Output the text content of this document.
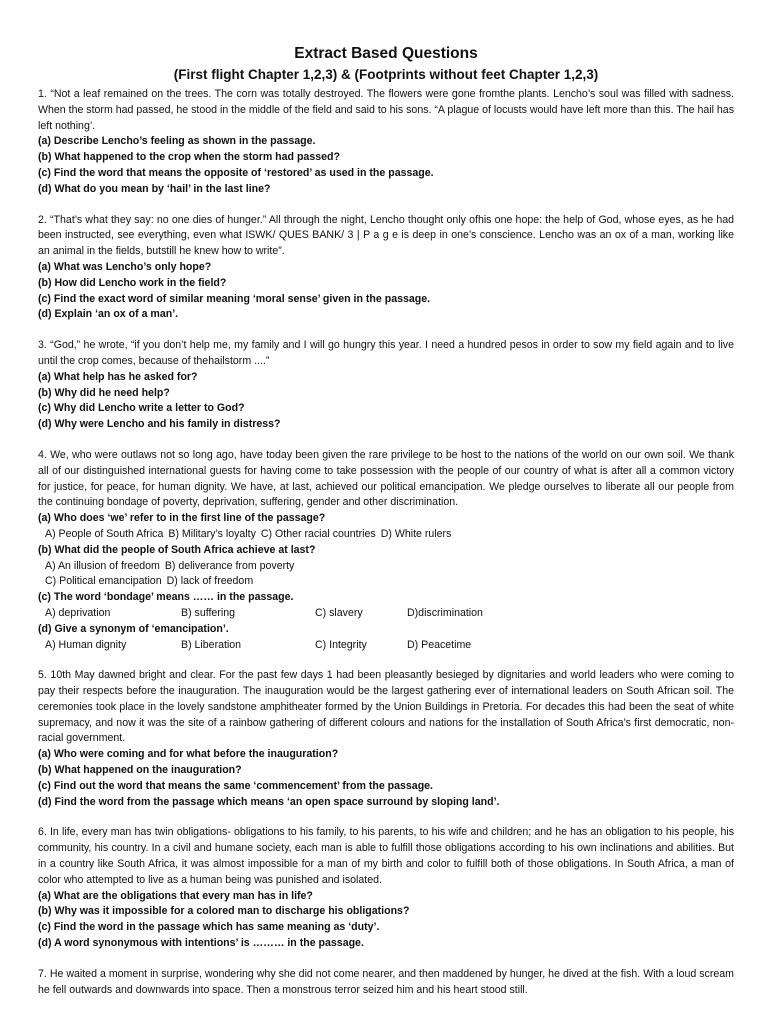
Extract Based Questions
(First flight Chapter 1,2,3) & (Footprints without feet Chapter 1,2,3)

1. “Not a leaf remained on the trees. The corn was totally destroyed. The flowers were gone fromthe plants. Lencho’s soul was filled with sadness. When the storm had passed, he stood in the middle of the field and said to his sons. “A plague of locusts would have left more than this. The hail has left nothing’.

(a) Describe Lencho’s feeling as shown in the passage.

(b) What happened to the crop when the storm had passed?

(c) Find the word that means the opposite of ‘restored’ as used in the passage.

(d) What do you mean by ‘hail’ in the last line?

2. “That’s what they say: no one dies of hunger.” All through the night, Lencho thought only ofhis one hope: the help of God, whose eyes, as he had been instructed, see everything, even what ISWK/ QUES BANK/ 3 | P a g e is deep in one’s conscience. Lencho was an ox of a man, working like an animal in the fields, butstill he knew how to write”.

(a) What was Lencho’s only hope?

(b) How did Lencho work in the field?

(c) Find the exact word of similar meaning ‘moral sense’ given in the passage.

(d) Explain ‘an ox of a man’.

3. “God,” he wrote, “if you don’t help me, my family and I will go hungry this year. I need a hundred pesos in order to sow my field again and to live until the crop comes, because of thehailstorm ....”

(a) What help has he asked for?

(b) Why did he need help?

(c) Why did Lencho write a letter to God?

(d) Why were Lencho and his family in distress?

4. We, who were outlaws not so long ago, have today been given the rare privilege to be host to the nations of the world on our own soil. We thank all of our distinguished international guests for having come to take possession with the people of our country of what is after all a common victory for justice, for peace, for human dignity. We have, at last, achieved our political emancipation. We pledge ourselves to liberate all our people from the continuing bondage of poverty, deprivation, suffering, gender and other discrimination.

(a) Who does ‘we’ refer to in the first line of the passage?

A) People of South Africa B) Military’s loyalty C) Other racial countries D) White rulers

(b) What did the people of South Africa achieve at last?

A) An illusion of freedom B) deliverance from poverty
C) Political emancipation D) lack of freedom

(c) The word ‘bondage’ means …… in the passage.

A) deprivation	B) suffering	C) slavery	D)discrimination

(d) Give a synonym of ‘emancipation’.

A) Human dignity	B) Liberation	C) Integrity	D) Peacetime

5. 10th May dawned bright and clear. For the past few days 1 had been pleasantly besieged by dignitaries and world leaders who were coming to pay their respects before the inauguration. The inauguration would be the largest gathering ever of international leaders on South African soil. The ceremonies took place in the lovely sandstone amphitheater formed by the Union Buildings in Pretoria. For decades this had been the seat of white supremacy, and now it was the site of a rainbow gathering of different colours and nations for the installation of South Africa’s first democratic, non-racial government.

(a) Who were coming and for what before the inauguration?

(b) What happened on the inauguration?

(c) Find out the word that means the same ‘commencement’ from the passage.

(d) Find the word from the passage which means ‘an open space surround by sloping land’.

6. In life, every man has twin obligations- obligations to his family, to his parents, to his wife and children; and he has an obligation to his people, his community, his country. In a civil and humane society, each man is able to fulfill those obligations according to his own inclinations and abilities. But in a country like South Africa, it was almost impossible for a man of my birth and color to fulfill both of those obligations. In South Africa, a man of color who attempted to live as a human being was punished and isolated.

(a) What are the obligations that every man has in life?

(b) Why was it impossible for a colored man to discharge his obligations?

(c) Find the word in the passage which has same meaning as ‘duty’.

(d) A word synonymous with intentions’ is ……… in the passage.

7. He waited a moment in surprise, wondering why she did not come nearer, and then maddened by hunger, he dived at the fish. With a loud scream he fell outwards and downwards into space. Then a monstrous terror seized him and his heart stood still.
